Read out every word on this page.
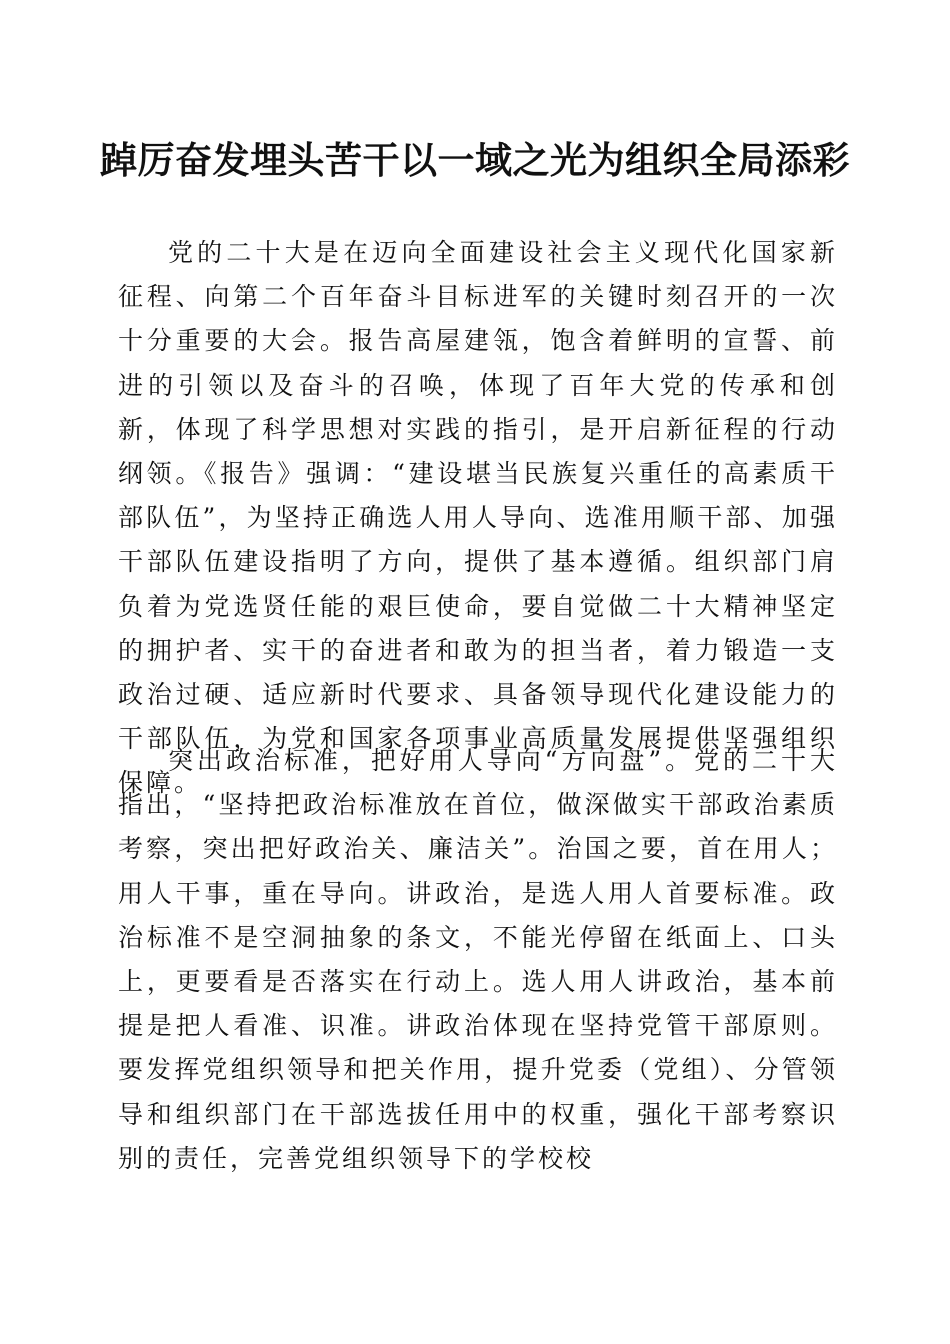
踔厉奋发埋头苦干以一域之光为组织全局添彩

党的二十大是在迈向全面建设社会主义现代化国家新征程、向第二个百年奋斗目标进军的关键时刻召开的一次十分重要的大会。报告高屋建瓴，饱含着鲜明的宣誓、前进的引领以及奋斗的召唤，体现了百年大党的传承和创新，体现了科学思想对实践的指引，是开启新征程的行动纲领。《报告》强调：“建设堪当民族复兴重任的高素质干部队伍”，为坚持正确选人用人导向、选准用顺干部、加强干部队伍建设指明了方向，提供了基本遵循。组织部门肩负着为党选贤任能的艰巨使命，要自觉做二十大精神坚定的拥护者、实干的奋进者和敢为的担当者，着力锻造一支政治过硬、适应新时代要求、具备领导现代化建设能力的干部队伍，为党和国家各项事业高质量发展提供坚强组织保障。

突出政治标准，把好用人导向“方向盘”。党的二十大指出，“坚持把政治标准放在首位，做深做实干部政治素质考察，突出把好政治关、廉洁关”。治国之要，首在用人；用人干事，重在导向。讲政治，是选人用人首要标准。政治标准不是空洞抽象的条文，不能光停留在纸面上、口头上，更要看是否落实在行动上。选人用人讲政治，基本前提是把人看准、识准。讲政治体现在坚持党管干部原则。要发挥党组织领导和把关作用，提升党委（党组）、分管领导和组织部门在干部选拔任用中的权重，强化干部考察识别的责任，完善党组织领导下的学校校
